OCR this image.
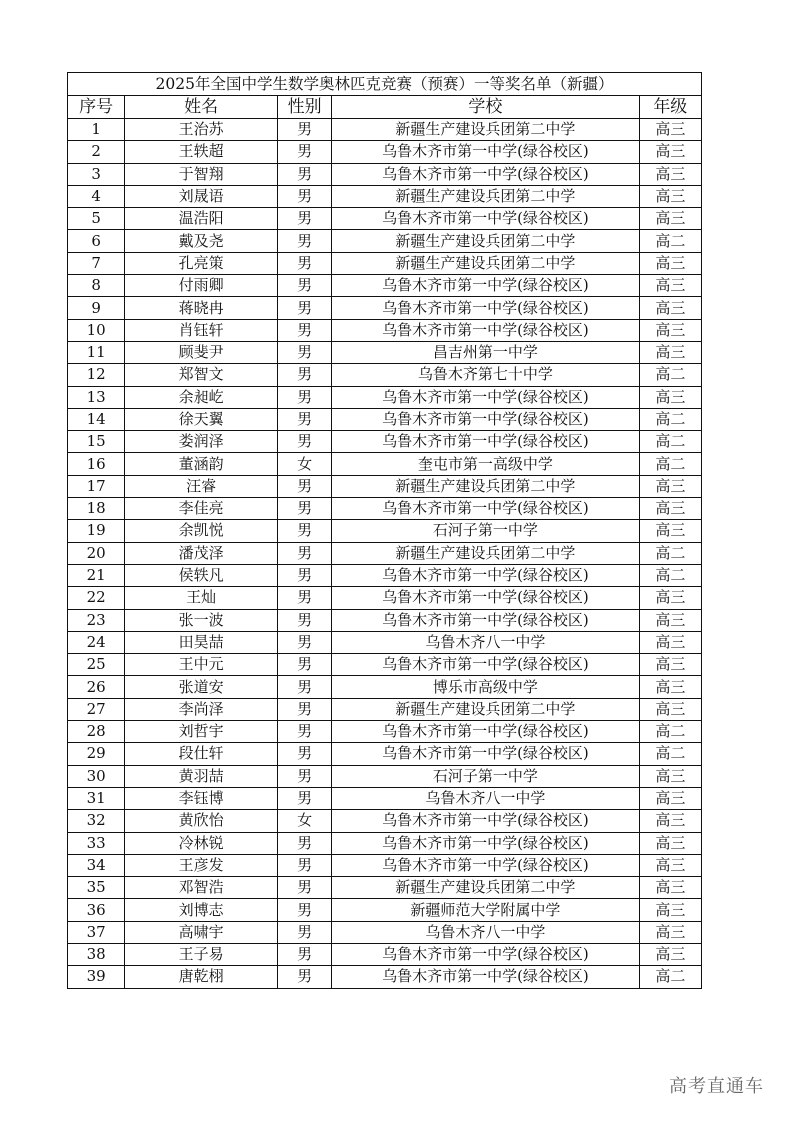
2025年全国中学生数学奥林匹克竞赛（预赛）一等奖名单（新疆）				
序号	姓名	性别	学校	年级
1	王治苏	男	新疆生产建设兵团第二中学	高三
2	王轶超	男	乌鲁木齐市第一中学(绿谷校区)	高三
3	于智翔	男	乌鲁木齐市第一中学(绿谷校区)	高三
4	刘晟语	男	新疆生产建设兵团第二中学	高三
5	温浩阳	男	乌鲁木齐市第一中学(绿谷校区)	高三
6	戴及尧	男	新疆生产建设兵团第二中学	高二
7	孔亮策	男	新疆生产建设兵团第二中学	高三
8	付雨卿	男	乌鲁木齐市第一中学(绿谷校区)	高三
9	蒋晓冉	男	乌鲁木齐市第一中学(绿谷校区)	高三
10	肖钰轩	男	乌鲁木齐市第一中学(绿谷校区)	高三
11	顾斐尹	男	昌吉州第一中学	高三
12	郑智文	男	乌鲁木齐第七十中学	高二
13	余昶屹	男	乌鲁木齐市第一中学(绿谷校区)	高三
14	徐天翼	男	乌鲁木齐市第一中学(绿谷校区)	高二
15	娄润泽	男	乌鲁木齐市第一中学(绿谷校区)	高二
16	董涵韵	女	奎屯市第一高级中学	高二
17	汪睿	男	新疆生产建设兵团第二中学	高三
18	李佳亮	男	乌鲁木齐市第一中学(绿谷校区)	高三
19	余凯悦	男	石河子第一中学	高三
20	潘茂泽	男	新疆生产建设兵团第二中学	高二
21	侯轶凡	男	乌鲁木齐市第一中学(绿谷校区)	高二
22	王灿	男	乌鲁木齐市第一中学(绿谷校区)	高三
23	张一波	男	乌鲁木齐市第一中学(绿谷校区)	高三
24	田昊喆	男	乌鲁木齐八一中学	高三
25	王中元	男	乌鲁木齐市第一中学(绿谷校区)	高三
26	张道安	男	博乐市高级中学	高三
27	李尚泽	男	新疆生产建设兵团第二中学	高三
28	刘哲宇	男	乌鲁木齐市第一中学(绿谷校区)	高二
29	段仕轩	男	乌鲁木齐市第一中学(绿谷校区)	高二
30	黄羽喆	男	石河子第一中学	高三
31	李钰博	男	乌鲁木齐八一中学	高三
32	黄欣怡	女	乌鲁木齐市第一中学(绿谷校区)	高三
33	冷林锐	男	乌鲁木齐市第一中学(绿谷校区)	高三
34	王彦发	男	乌鲁木齐市第一中学(绿谷校区)	高三
35	邓智浩	男	新疆生产建设兵团第二中学	高三
36	刘博志	男	新疆师范大学附属中学	高三
37	高啸宇	男	乌鲁木齐八一中学	高三
38	王子易	男	乌鲁木齐市第一中学(绿谷校区)	高三
39	唐乾栩	男	乌鲁木齐市第一中学(绿谷校区)	高二
高考直通车
